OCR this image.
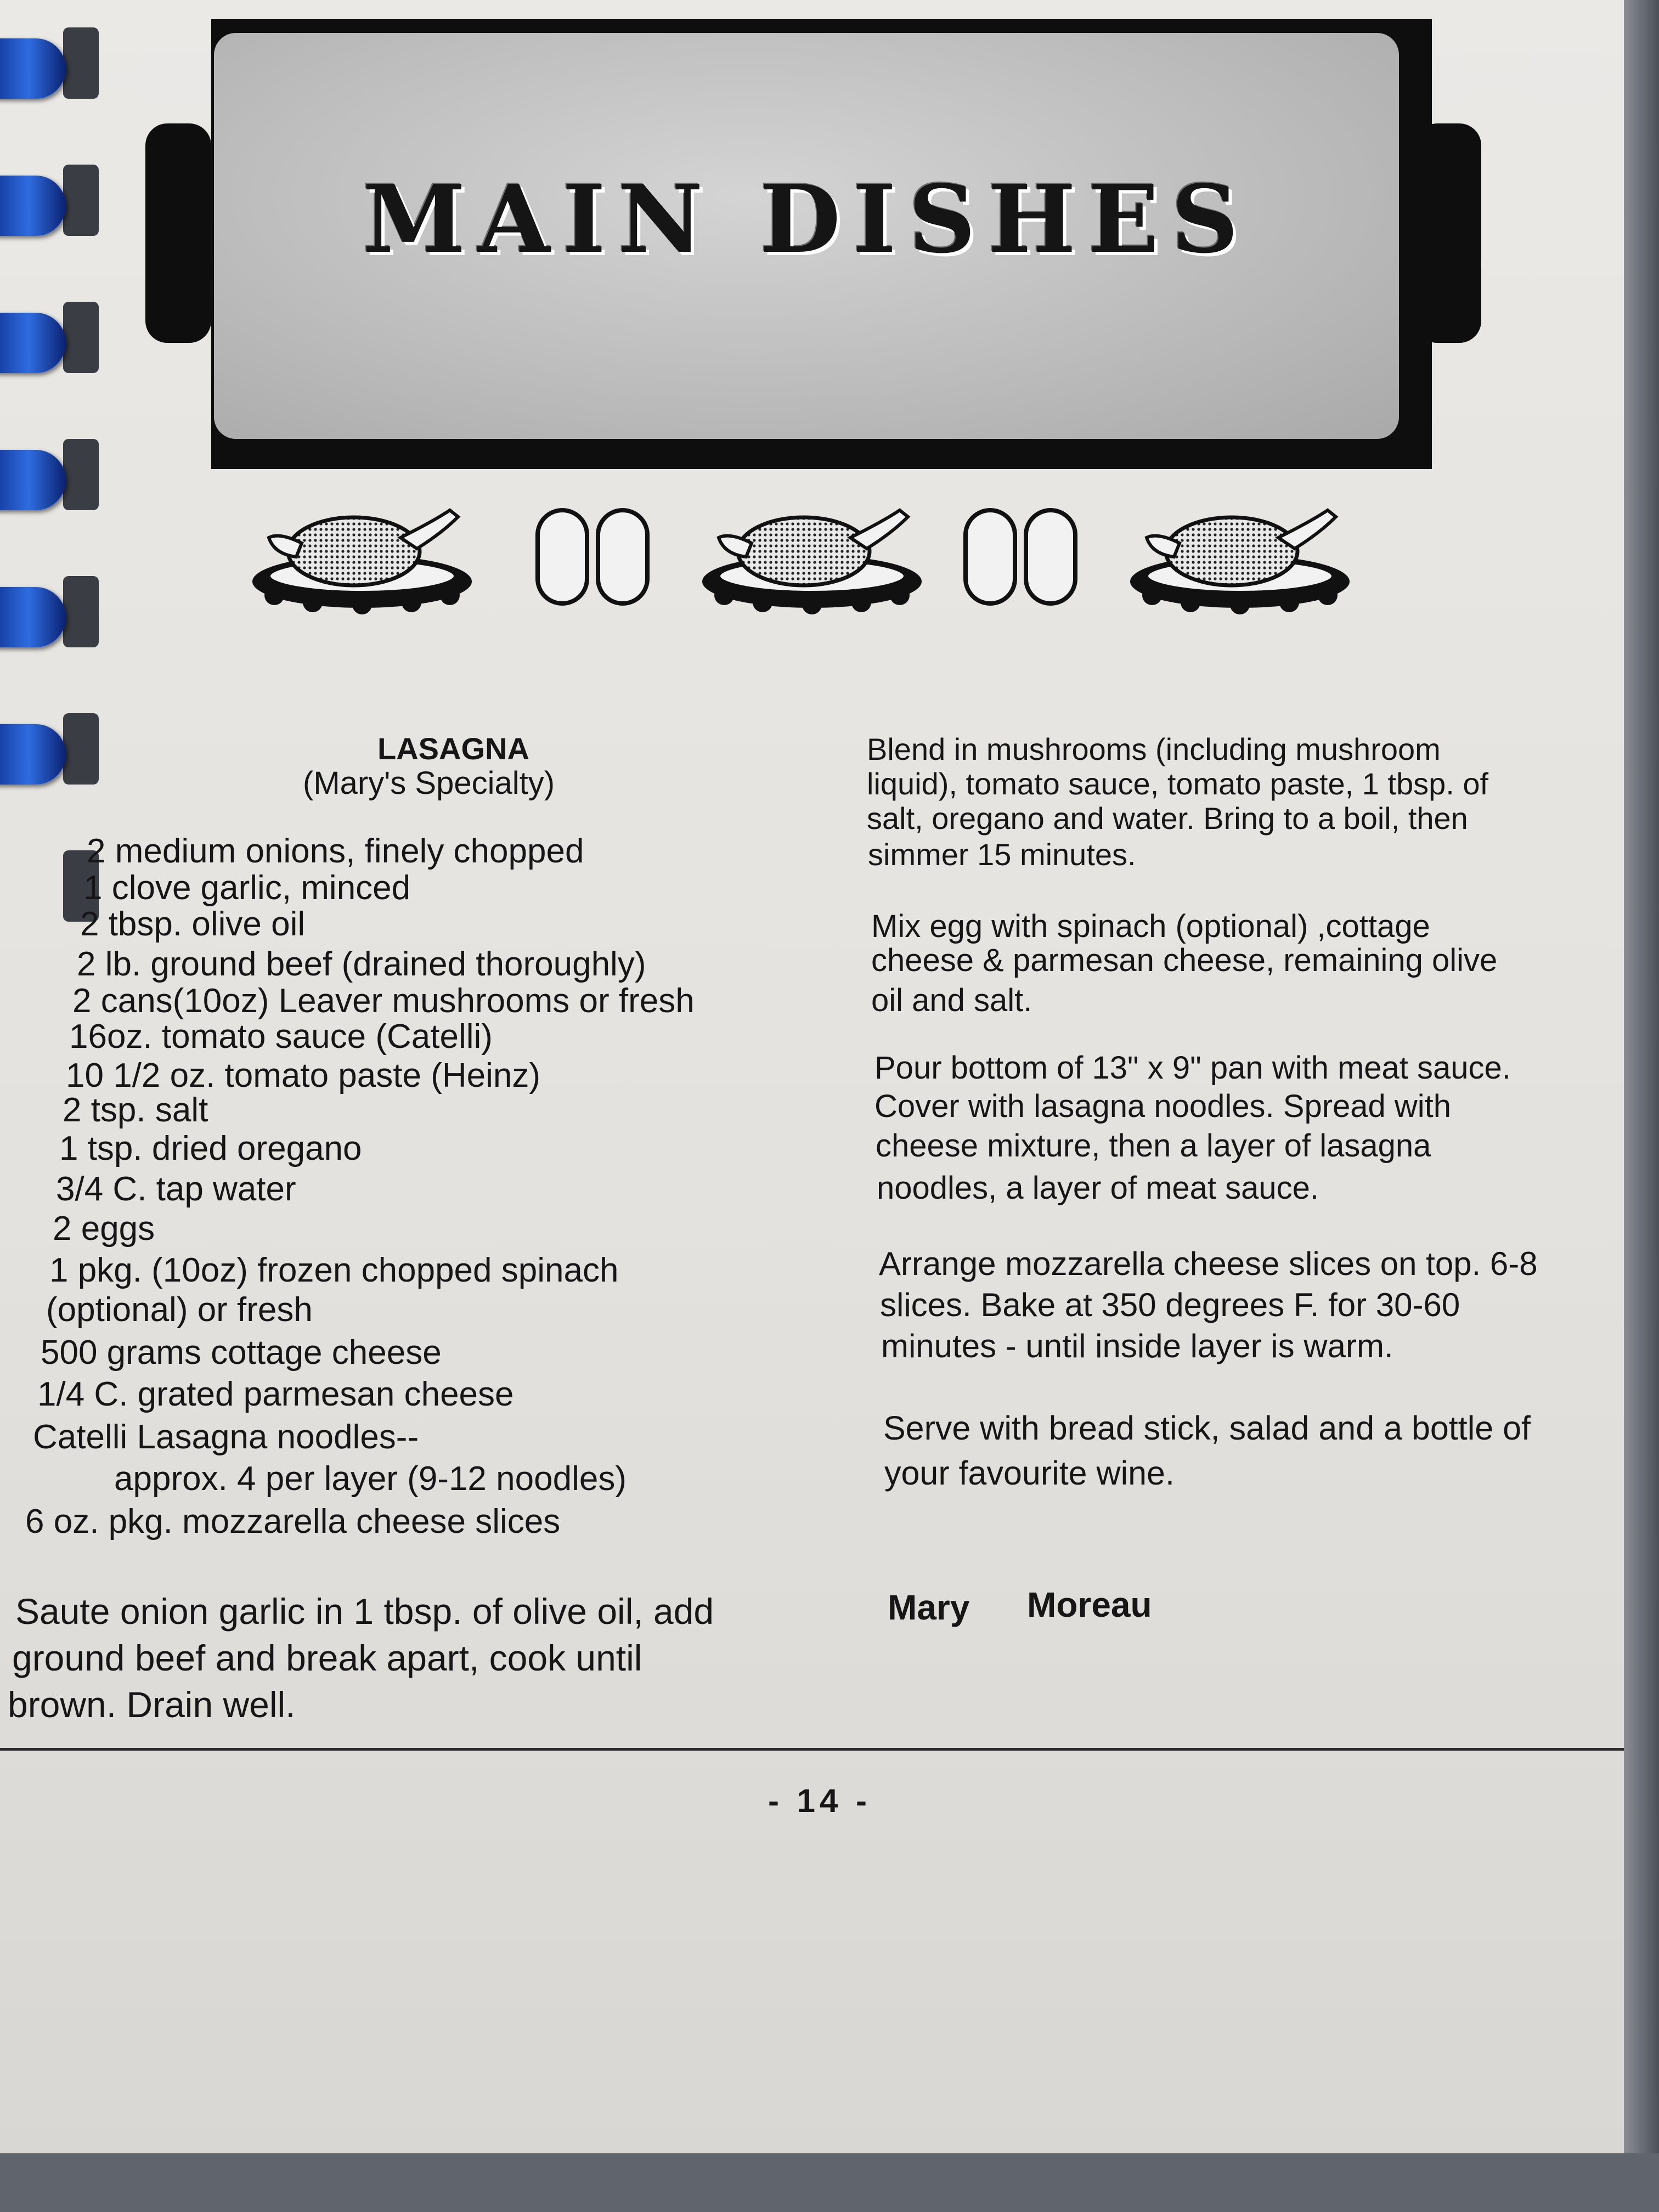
MAIN DISHES
LASAGNA
(Mary's Specialty)
2 medium onions, finely chopped
1 clove garlic, minced
2 tbsp. olive oil
2 lb. ground beef (drained thoroughly)
2 cans(10oz) Leaver mushrooms or fresh
16oz. tomato sauce (Catelli)
10 1/2 oz. tomato paste (Heinz)
2 tsp. salt
1 tsp. dried oregano
3/4 C. tap water
2 eggs
1 pkg. (10oz) frozen chopped spinach
(optional) or fresh
500 grams cottage cheese
1/4 C. grated parmesan cheese
Catelli Lasagna noodles--
approx. 4 per layer (9-12 noodles)
6 oz. pkg. mozzarella cheese slices
Saute onion garlic in 1 tbsp. of olive oil, add
ground beef and break apart, cook until
brown. Drain well.
Blend in mushrooms (including mushroom
liquid), tomato sauce, tomato paste, 1 tbsp. of
salt, oregano and water. Bring to a boil, then
simmer 15 minutes.
Mix egg with spinach (optional) ,cottage
cheese & parmesan cheese, remaining olive
oil and salt.
Pour bottom of 13" x 9" pan with meat sauce.
Cover with lasagna noodles. Spread with
cheese mixture, then a layer of lasagna
noodles, a layer of meat sauce.
Arrange mozzarella cheese slices on top. 6-8
slices. Bake at 350 degrees F. for 30-60
minutes - until inside layer is warm.
Serve with bread stick, salad and a bottle of
your favourite wine.
Mary Moreau
- 14 -
